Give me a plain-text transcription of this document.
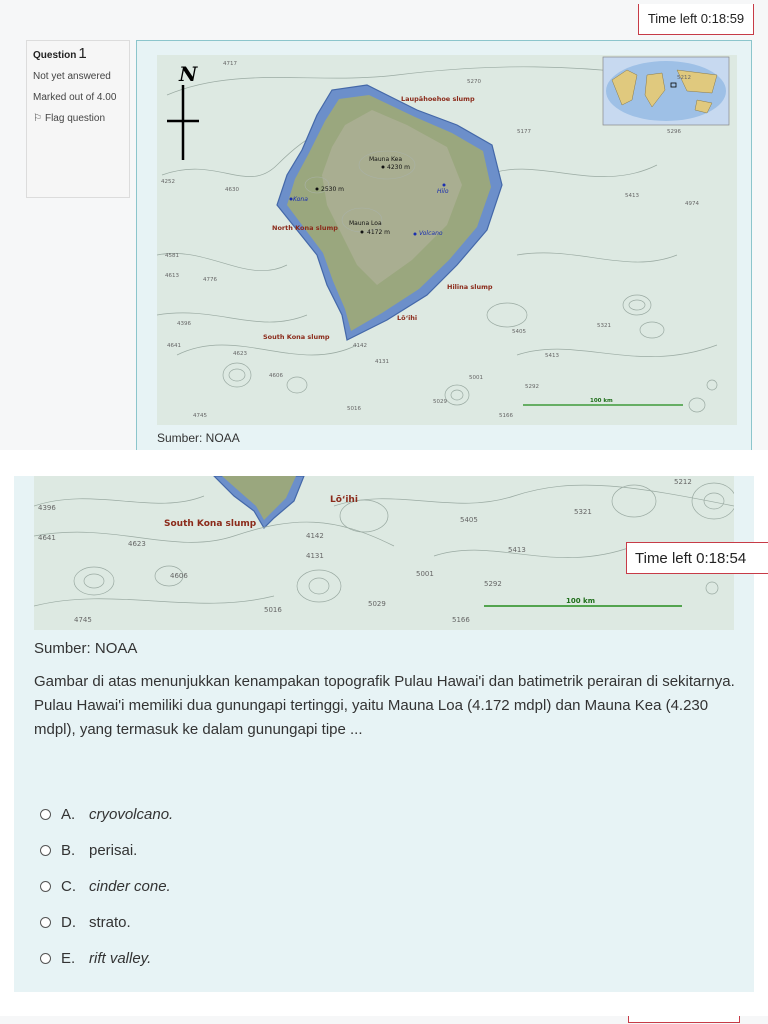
Time left 0:18:59
Question 1

Not yet answered

Marked out of 4.00

⚐ Flag question
N
Laupāhoehoe slump
North Kona slump
Hilina slump
Lōʻihi
South Kona slump
Mauna Kea
4230 m
2530 m
Mauna Loa
4172 m
Kona
Hilo
Volcano
4717
5016
5405
5321
5413
5001
5292
5029
5166
4745
4396
4641
4623
4606
4142
4131
4252
4630
4581
4613
4776
5270
5177	5296
5413
4974
5212
100 km
Sumber: NOAA
South Kona slump
Lōʻihi
4396
4641
4623
4606
4142
4131
5405
5321
5413
5001
5292
5029
5166
5016
4745
5212
100 km
Sumber: NOAA
Gambar di atas menunjukkan kenampakan topografik Pulau Hawai'i dan batimetrik perairan di sekitarnya. Pulau Hawai'i memiliki dua gunungapi tertinggi, yaitu Mauna Loa (4.172 mdpl) dan Mauna Kea (4.230 mdpl), yang termasuk ke dalam gunungapi tipe ...
A. cryovolcano.
B. perisai.
C. cinder cone.
D. strato.
E. rift valley.
Time left 0:18:54
